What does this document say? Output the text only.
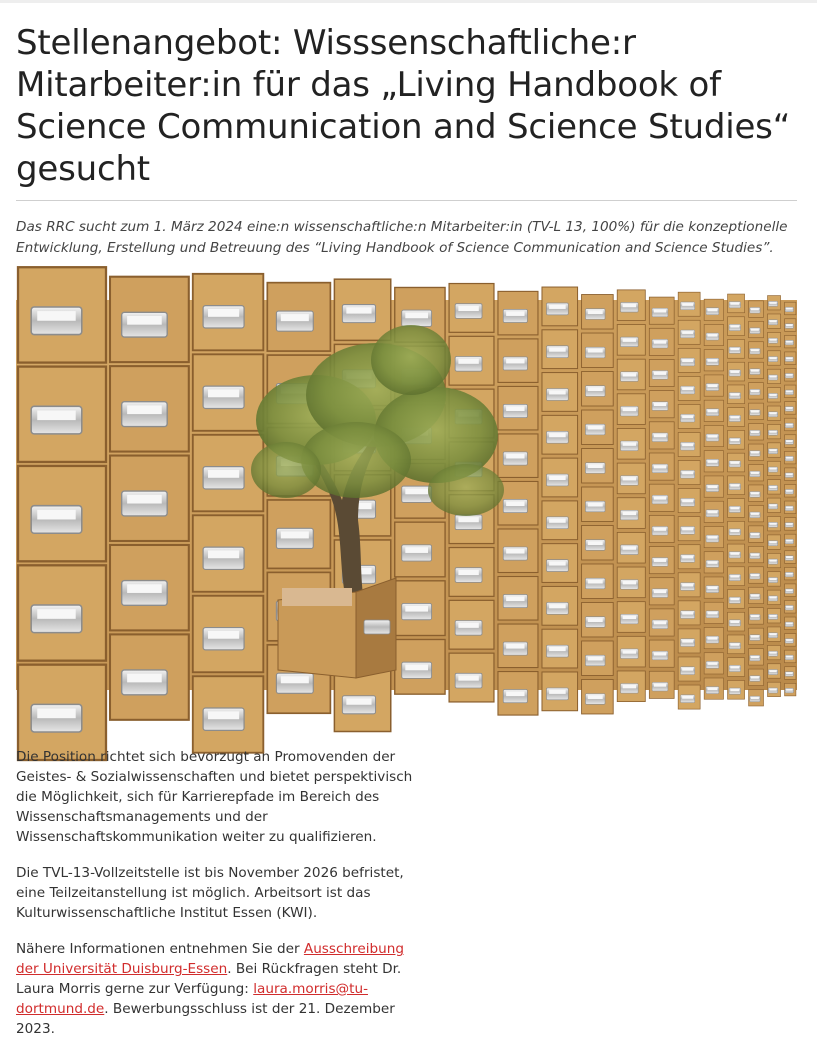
Stellenangebot: Wisssenschaftliche:r Mitarbeiter:in für das „Living Handbook of Science Communication and Science Studies“ gesucht

Das RRC sucht zum 1. März 2024 eine:n wissenschaftliche:n Mitarbeiter:in (TV-L 13, 100%) für die konzeptionelle Entwicklung, Erstellung und Betreuung des “Living Handbook of Science Communication and Science Studies”.

Die Position richtet sich bevorzugt an Promovenden der Geistes- & Sozialwissenschaften und bietet perspektivisch die Möglichkeit, sich für Karrierepfade im Bereich des Wissenschaftsmanagements und der Wissenschaftskommunikation weiter zu qualifizieren.

Die TVL-13-Vollzeitstelle ist bis November 2026 befristet, eine Teilzeitanstellung ist möglich. Arbeitsort ist das Kulturwissenschaftliche Institut Essen (KWI).

Nähere Informationen entnehmen Sie der Ausschreibung der Universität Duisburg-Essen. Bei Rückfragen steht Dr. Laura Morris gerne zur Verfügung: laura.morris@tu-dortmund.de. Bewerbungsschluss ist der 21. Dezember 2023.
